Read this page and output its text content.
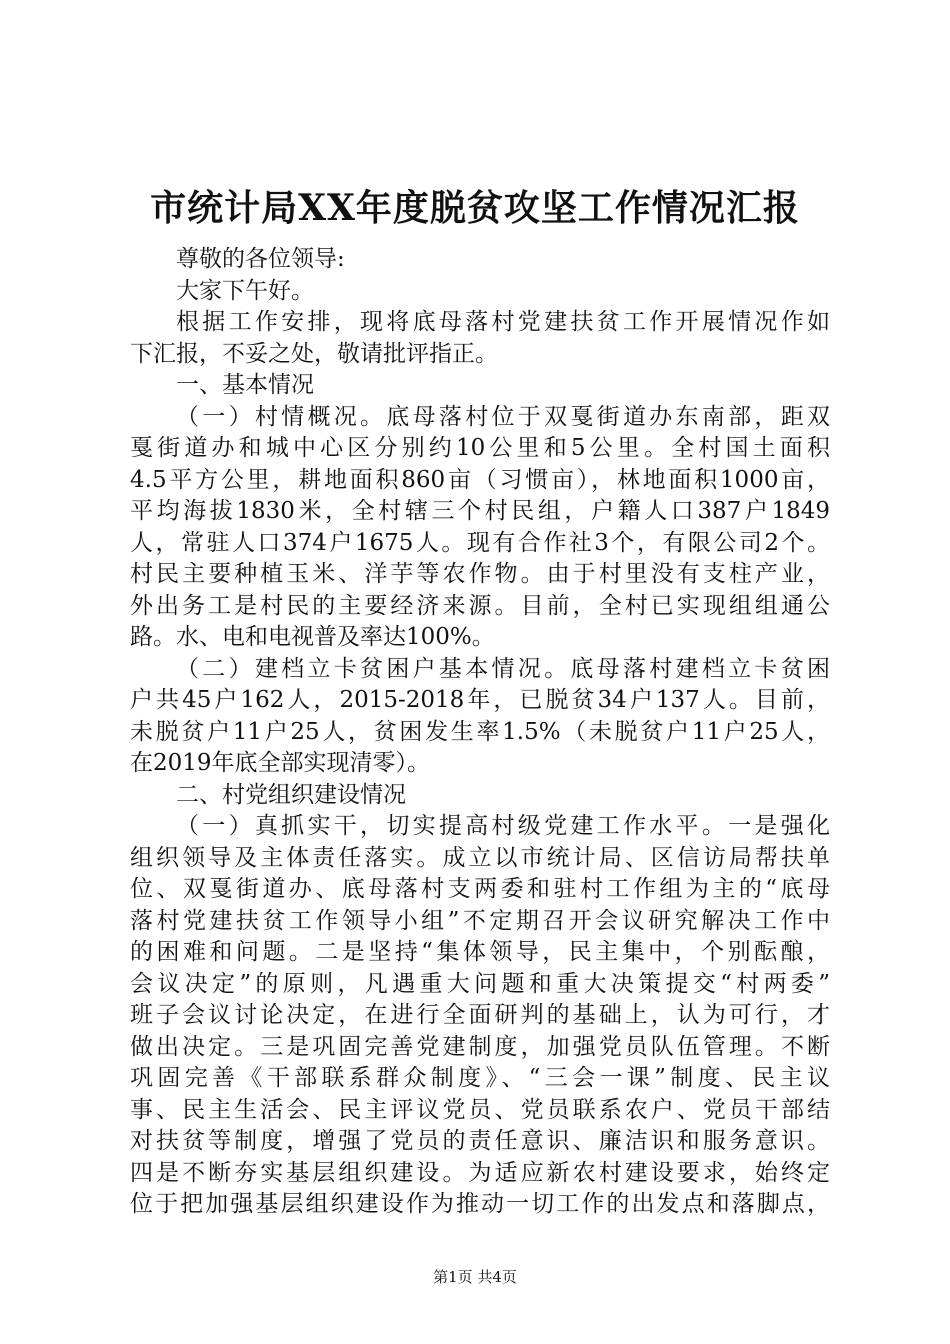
市统计局XX年度脱贫攻坚工作情况汇报
尊敬的各位领导:
大家下午好。
根据工作安排，现将底母落村党建扶贫工作开展情况作如
下汇报，不妥之处，敬请批评指正。
一、基本情况
（一）村情概况。底母落村位于双戛街道办东南部，距双
戛街道办和城中心区分别约10公里和5公里。全村国土面积
4.5平方公里，耕地面积860亩（习惯亩），林地面积1000亩，
平均海拔1830米，全村辖三个村民组，户籍人口387户1849
人，常驻人口374户1675人。现有合作社3个，有限公司2个。
村民主要种植玉米、洋芋等农作物。由于村里没有支柱产业，
外出务工是村民的主要经济来源。目前，全村已实现组组通公
路。水、电和电视普及率达100%。
（二）建档立卡贫困户基本情况。底母落村建档立卡贫困
户共45户162人，2015-2018年，已脱贫34户137人。目前，
未脱贫户11户25人，贫困发生率1.5%（未脱贫户11户25人，
在2019年底全部实现清零）。
二、村党组织建设情况
（一）真抓实干，切实提高村级党建工作水平。一是强化
组织领导及主体责任落实。成立以市统计局、区信访局帮扶单
位、双戛街道办、底母落村支两委和驻村工作组为主的“底母
落村党建扶贫工作领导小组”不定期召开会议研究解决工作中
的困难和问题。二是坚持“集体领导，民主集中，个别酝酿，
会议决定”的原则，凡遇重大问题和重大决策提交“村两委”
班子会议讨论决定，在进行全面研判的基础上，认为可行，才
做出决定。三是巩固完善党建制度，加强党员队伍管理。不断
巩固完善《干部联系群众制度》、“三会一课”制度、民主议
事、民主生活会、民主评议党员、党员联系农户、党员干部结
对扶贫等制度，增强了党员的责任意识、廉洁识和服务意识。
四是不断夯实基层组织建设。为适应新农村建设要求，始终定
位于把加强基层组织建设作为推动一切工作的出发点和落脚点，
第1页 共4页
